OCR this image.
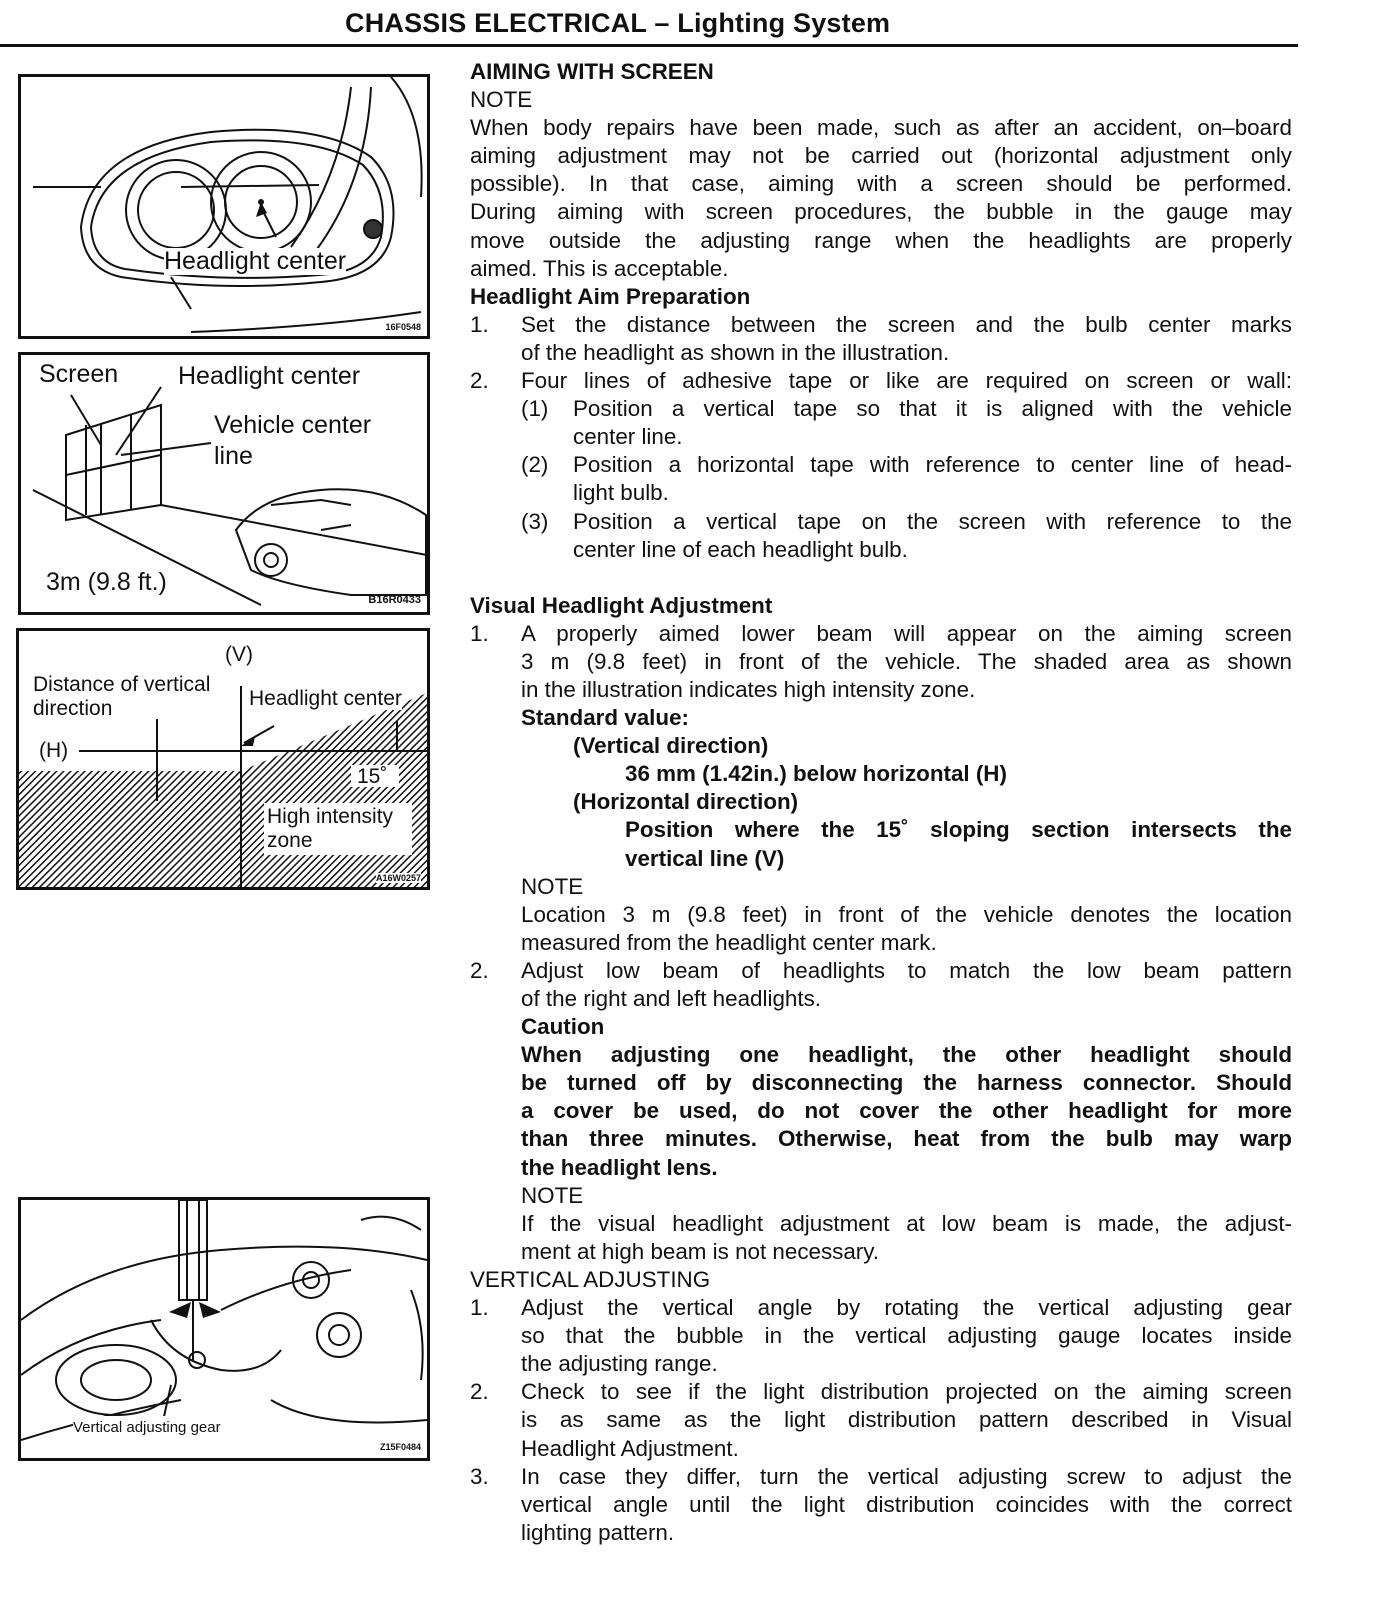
CHASSIS ELECTRICAL – Lighting System
Headlight center
16F0548
Screen Headlight center
Vehicle center
line
3m (9.8 ft.)
B16R0433
(V)
Distance of vertical
direction	Headlight center
(H)
15˚
High intensity
zone
A16W0257
Vertical adjusting gear
Z15F0484

AIMING WITH SCREEN

NOTE

When body repairs have been made, such as after an accident, on–board

aiming adjustment may not be carried out (horizontal adjustment only

possible). In that case, aiming with a screen should be performed.

During aiming with screen procedures, the bubble in the gauge may

move outside the adjusting range when the headlights are properly

aimed. This is acceptable.

Headlight Aim Preparation

1.	Set the distance between the screen and the bulb center marks

of the headlight as shown in the illustration.

2.	Four lines of adhesive tape or like are required on screen or wall:

(1)	Position a vertical tape so that it is aligned with the vehicle

center line.

(2)	Position a horizontal tape with reference to center line of head-

light bulb.

(3)	Position a vertical tape on the screen with reference to the

center line of each headlight bulb.

Visual Headlight Adjustment

1.	A properly aimed lower beam will appear on the aiming screen

3 m (9.8 feet) in front of the vehicle. The shaded area as shown

in the illustration indicates high intensity zone.

Standard value:

(Vertical direction)

36 mm (1.42in.) below horizontal (H)

(Horizontal direction)

Position where the 15˚ sloping section intersects the

vertical line (V)

NOTE

Location 3 m (9.8 feet) in front of the vehicle denotes the location

measured from the headlight center mark.

2.	Adjust low beam of headlights to match the low beam pattern

of the right and left headlights.

Caution

When adjusting one headlight, the other headlight should

be turned off by disconnecting the harness connector. Should

a cover be used, do not cover the other headlight for more

than three minutes. Otherwise, heat from the bulb may warp

the headlight lens.

NOTE

If the visual headlight adjustment at low beam is made, the adjust-

ment at high beam is not necessary.

VERTICAL ADJUSTING

1.	Adjust the vertical angle by rotating the vertical adjusting gear

so that the bubble in the vertical adjusting gauge locates inside

the adjusting range.

2.	Check to see if the light distribution projected on the aiming screen

is as same as the light distribution pattern described in Visual

Headlight Adjustment.

3.	In case they differ, turn the vertical adjusting screw to adjust the

vertical angle until the light distribution coincides with the correct

lighting pattern.
